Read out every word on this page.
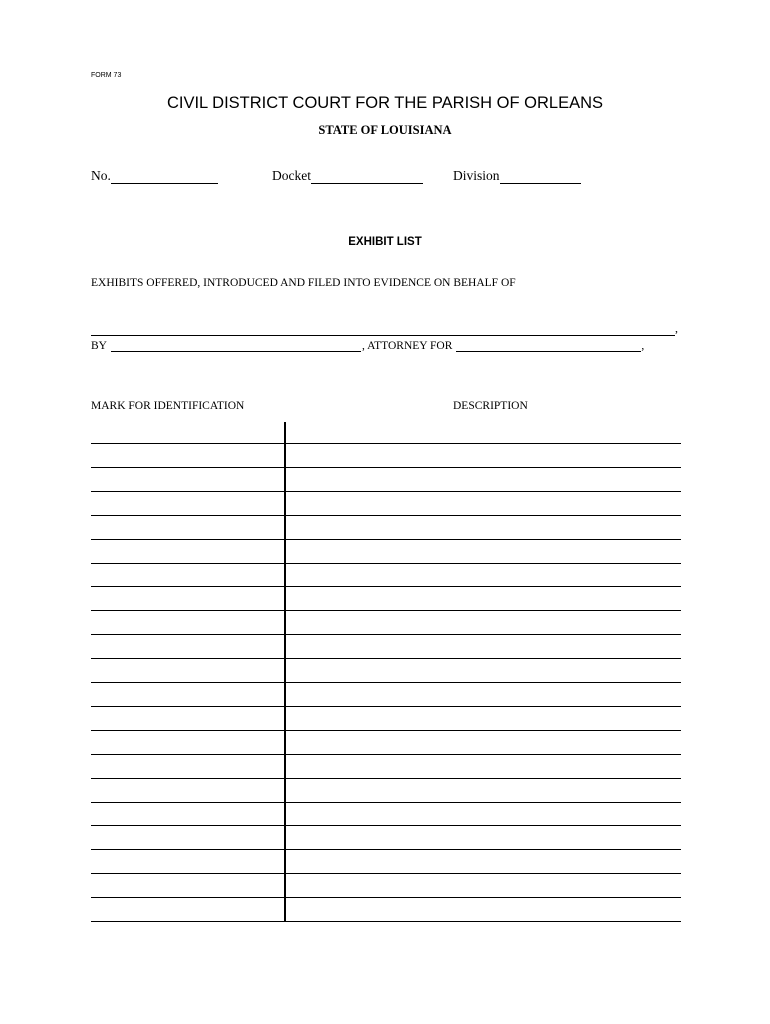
FORM 73
CIVIL DISTRICT COURT FOR THE PARISH OF ORLEANS
STATE OF LOUISIANA
No.	Docket	Division
EXHIBIT LIST
EXHIBITS OFFERED, INTRODUCED AND FILED INTO EVIDENCE ON BEHALF OF
,
BY	, ATTORNEY FOR	,
MARK FOR IDENTIFICATION	DESCRIPTION
